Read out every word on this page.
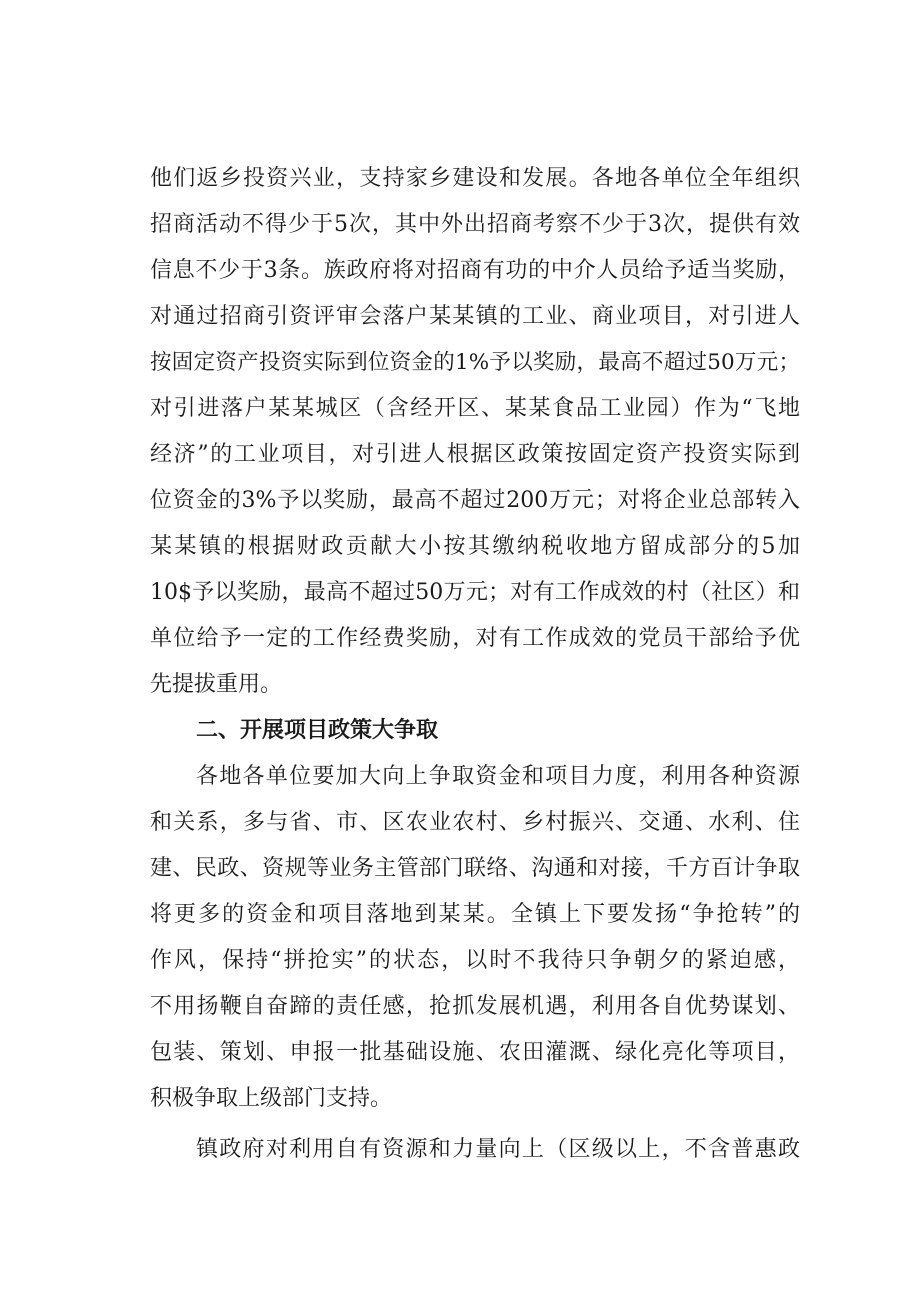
他们返乡投资兴业，支持家乡建设和发展。各地各单位全年组织
招商活动不得少于5次，其中外出招商考察不少于3次，提供有效
信息不少于3条。族政府将对招商有功的中介人员给予适当奖励，
对通过招商引资评审会落户某某镇的工业、商业项目，对引进人
按固定资产投资实际到位资金的1%予以奖励，最高不超过50万元；
对引进落户某某城区（含经开区、某某食品工业园）作为“飞地
经济”的工业项目，对引进人根据区政策按固定资产投资实际到
位资金的3%予以奖励，最高不超过200万元；对将企业总部转入
某某镇的根据财政贡献大小按其缴纳税收地方留成部分的5加
10$予以奖励，最高不超过50万元；对有工作成效的村（社区）和
单位给予一定的工作经费奖励，对有工作成效的党员干部给予优
先提拔重用。
二、开展项目政策大争取
各地各单位要加大向上争取资金和项目力度，利用各种资源
和关系，多与省、市、区农业农村、乡村振兴、交通、水利、住
建、民政、资规等业务主管部门联络、沟通和对接，千方百计争取
将更多的资金和项目落地到某某。全镇上下要发扬“争抢转”的
作风，保持“拼抢实”的状态，以时不我待只争朝夕的紧迫感，
不用扬鞭自奋蹄的责任感，抢抓发展机遇，利用各自优势谋划、
包装、策划、申报一批基础设施、农田灌溉、绿化亮化等项目，
积极争取上级部门支持。
镇政府对利用自有资源和力量向上（区级以上，不含普惠政
